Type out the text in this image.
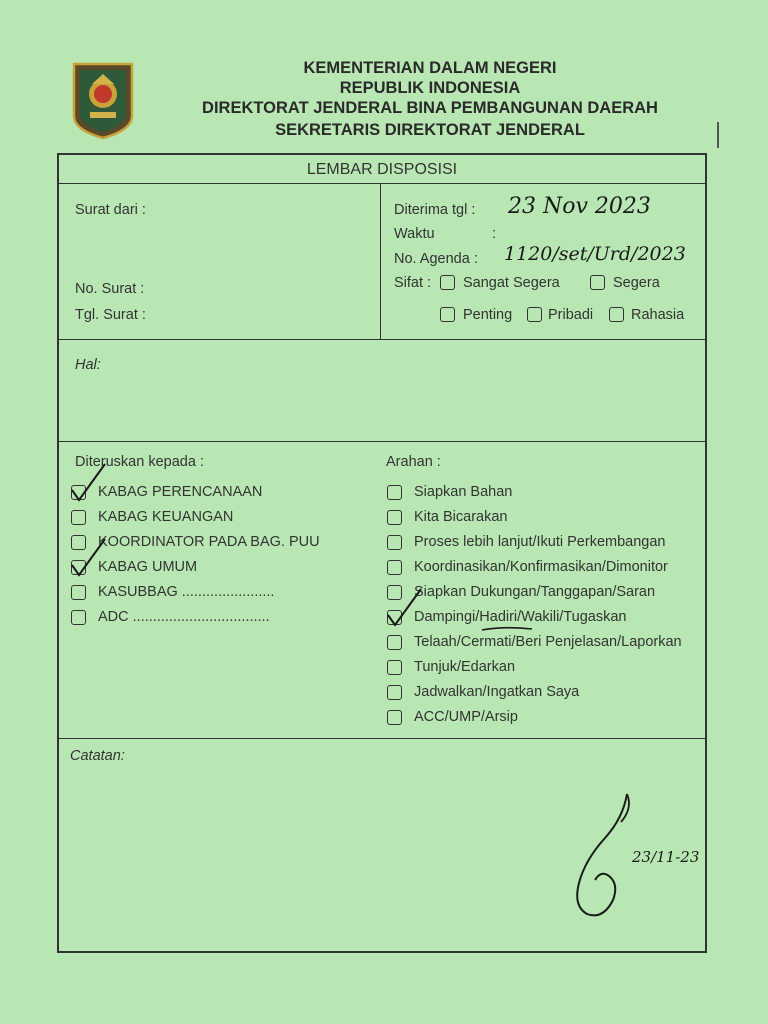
KEMENTERIAN DALAM NEGERI
REPUBLIK INDONESIA
DIREKTORAT JENDERAL BINA PEMBANGUNAN DAERAH
SEKRETARIS DIREKTORAT JENDERAL
LEMBAR DISPOSISI
Surat dari :
No. Surat :
Tgl. Surat :
Diterima tgl : 23 Nov 2023
Waktu	:
No. Agenda : 1120/set/Urd/2023
Sifat : Sangat Segera	Segera
Penting Pribadi	Rahasia
Hal:
Diteruskan kepada :
KABAG PERENCANAAN
KABAG KEUANGAN
KOORDINATOR PADA BAG. PUU
KABAG UMUM
KASUBBAG .......................
ADC ..................................
Arahan :
Siapkan Bahan
Kita Bicarakan
Proses lebih lanjut/Ikuti Perkembangan
Koordinasikan/Konfirmasikan/Dimonitor
Siapkan Dukungan/Tanggapan/Saran
Dampingi/Hadiri/Wakili/Tugaskan
Telaah/Cermati/Beri Penjelasan/Laporkan
Tunjuk/Edarkan
Jadwalkan/Ingatkan Saya
ACC/UMP/Arsip
Catatan:
23/11-23
